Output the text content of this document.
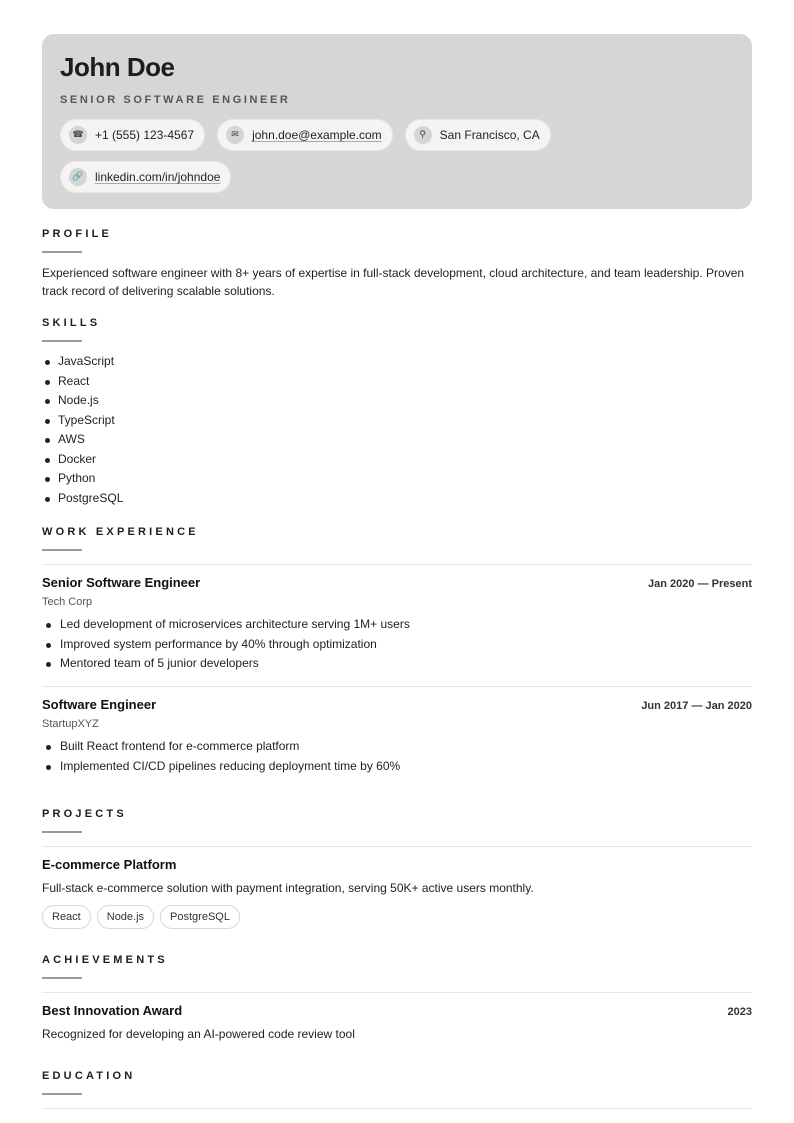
John Doe
SENIOR SOFTWARE ENGINEER
☎ +1 (555) 123-4567	✉	john.doe@example.com	⚲	San Francisco, CA
🔗 linkedin.com/in/johndoe
PROFILE
Experienced software engineer with 8+ years of expertise in full-stack development, cloud architecture, and team leadership. Proven track record of delivering scalable solutions.
SKILLS
JavaScript
React
Node.js
TypeScript
AWS
Docker
Python
PostgreSQL
WORK EXPERIENCE
Senior Software Engineer	Jan 2020 — Present
Tech Corp
Led development of microservices architecture serving 1M+ users
Improved system performance by 40% through optimization
Mentored team of 5 junior developers
Software Engineer	Jun 2017 — Jan 2020
StartupXYZ
Built React frontend for e-commerce platform
Implemented CI/CD pipelines reducing deployment time by 60%
PROJECTS
E-commerce Platform
Full-stack e-commerce solution with payment integration, serving 50K+ active users monthly.
React	Node.js	PostgreSQL
ACHIEVEMENTS
Best Innovation Award	2023
Recognized for developing an AI-powered code review tool
EDUCATION
